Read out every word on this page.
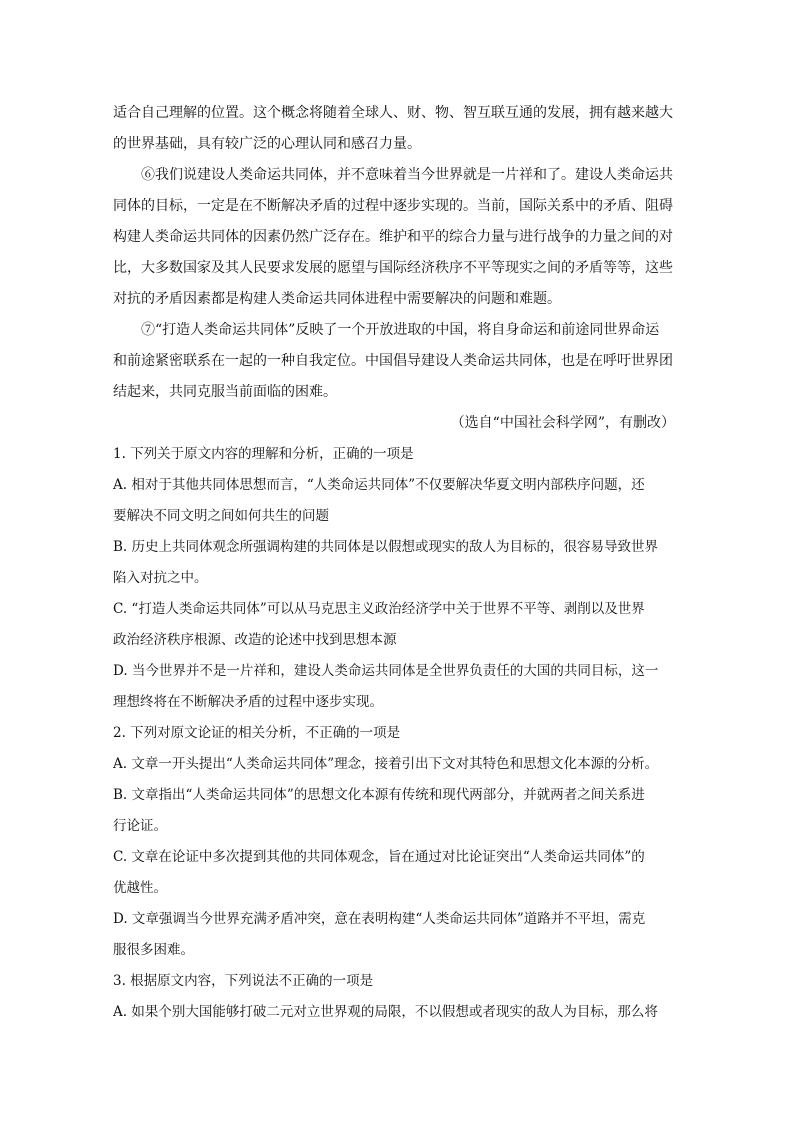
适合自己理解的位置。这个概念将随着全球人、财、物、智互联互通的发展，拥有越来越大
的世界基础，具有较广泛的心理认同和感召力量。
⑥我们说建设人类命运共同体，并不意味着当今世界就是一片祥和了。建设人类命运共
同体的目标，一定是在不断解决矛盾的过程中逐步实现的。当前，国际关系中的矛盾、阻碍
构建人类命运共同体的因素仍然广泛存在。维护和平的综合力量与进行战争的力量之间的对
比，大多数国家及其人民要求发展的愿望与国际经济秩序不平等现实之间的矛盾等等，这些
对抗的矛盾因素都是构建人类命运共同体进程中需要解决的问题和难题。
⑦“打造人类命运共同体”反映了一个开放进取的中国，将自身命运和前途同世界命运
和前途紧密联系在一起的一种自我定位。中国倡导建设人类命运共同体，也是在呼吁世界团
结起来，共同克服当前面临的困难。
（选自“中国社会科学网”，有删改）
1. 下列关于原文内容的理解和分析，正确的一项是
A. 相对于其他共同体思想而言，“人类命运共同体”不仅要解决华夏文明内部秩序问题，还
要解决不同文明之间如何共生的问题
B. 历史上共同体观念所强调构建的共同体是以假想或现实的敌人为目标的，很容易导致世界
陷入对抗之中。
C. “打造人类命运共同体”可以从马克思主义政治经济学中关于世界不平等、剥削以及世界
政治经济秩序根源、改造的论述中找到思想本源
D. 当今世界并不是一片祥和，建设人类命运共同体是全世界负责任的大国的共同目标，这一
理想终将在不断解决矛盾的过程中逐步实现。
2. 下列对原文论证的相关分析，不正确的一项是
A. 文章一开头提出“人类命运共同体”理念，接着引出下文对其特色和思想文化本源的分析。
B. 文章指出“人类命运共同体”的思想文化本源有传统和现代两部分，并就两者之间关系进
行论证。
C. 文章在论证中多次提到其他的共同体观念，旨在通过对比论证突出“人类命运共同体”的
优越性。
D. 文章强调当今世界充满矛盾冲突，意在表明构建“人类命运共同体”道路并不平坦，需克
服很多困难。
3. 根据原文内容，下列说法不正确的一项是
A. 如果个别大国能够打破二元对立世界观的局限，不以假想或者现实的敌人为目标，那么将
